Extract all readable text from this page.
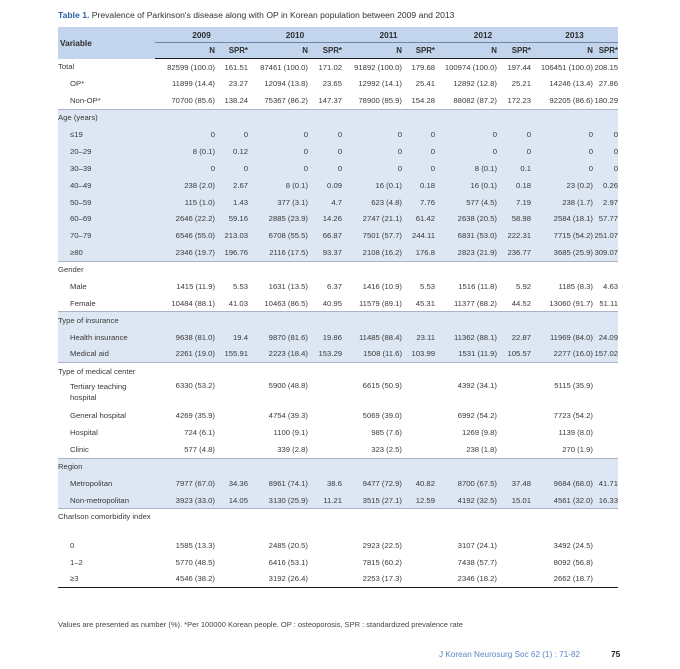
Table 1. Prevalence of Parkinson's disease along with OP in Korean population between 2009 and 2013
Variable	2009		2010		2011		2012		2013	
	N	SPR*	N	SPR*	N	SPR*	N	SPR*	N	SPR*
Total	82599 (100.0)	161.51	87461 (100.0)	171.02	91892 (100.0)	179.68	100974 (100.0)	197.44	106451 (100.0)	208.15
OP*	11899 (14.4)	23.27	12094 (13.8)	23.65	12992 (14.1)	25.41	12892 (12.8)	25.21	14246 (13.4)	27.86
Non-OP*	70700 (85.6)	138.24	75367 (86.2)	147.37	78900 (85.9)	154.28	88082 (87.2)	172.23	92205 (86.6)	180.29
Age (years)										
≤19	0	0	0	0	0	0	0	0	0	0
20–29	8 (0.1)	0.12	0	0	0	0	0	0	0	0
30–39	0	0	0	0	0	0	8 (0.1)	0.1	0	0
40–49	238 (2.0)	2.67	8 (0.1)	0.09	16 (0.1)	0.18	16 (0.1)	0.18	23 (0.2)	0.26
50–59	115 (1.0)	1.43	377 (3.1)	4.7	623 (4.8)	7.76	577 (4.5)	7.19	238 (1.7)	2.97
60–69	2646 (22.2)	59.16	2885 (23.9)	14.26	2747 (21.1)	61.42	2638 (20.5)	58.98	2584 (18.1)	57.77
70–79	6546 (55.0)	213.03	6708 (55.5)	66.87	7501 (57.7)	244.11	6831 (53.0)	222.31	7715 (54.2)	251.07
≥80	2346 (19.7)	196.76	2116 (17.5)	93.37	2108 (16.2)	176.8	2823 (21.9)	236.77	3685 (25.9)	309.07
Gender										
Male	1415 (11.9)	5.53	1631 (13.5)	6.37	1416 (10.9)	5.53	1516 (11.8)	5.92	1185 (8.3)	4.63
Female	10484 (88.1)	41.03	10463 (86.5)	40.95	11579 (89.1)	45.31	11377 (88.2)	44.52	13060 (91.7)	51.11
Type of insurance										
Health insurance	9638 (81.0)	19.4	9870 (81.6)	19.86	11485 (88.4)	23.11	11362 (88.1)	22.87	11969 (84.0)	24.09
Medical aid	2261 (19.0)	155.91	2223 (18.4)	153.29	1508 (11.6)	103.99	1531 (11.9)	105.57	2277 (16.0)	157.02
Type of medical center										
Tertiary teaching hospital	6330 (53.2)		5900 (48.8)		6615 (50.9)		4392 (34.1)		5115 (35.9)	
General hospital	4269 (35.9)		4754 (39.3)		5069 (39.0)		6992 (54.2)		7723 (54.2)	
Hospital	724 (6.1)		1100 (9.1)		985 (7.6)		1269 (9.8)		1139 (8.0)	
Clinic	577 (4.8)		339 (2.8)		323 (2.5)		238 (1.8)		270 (1.9)	
Region										
Metropolitan	7977 (67.0)	34.36	8961 (74.1)	38.6	9477 (72.9)	40.82	8700 (67.5)	37.48	9684 (68.0)	41.71
Non-metropolitan	3923 (33.0)	14.05	3130 (25.9)	11.21	3515 (27.1)	12.59	4192 (32.5)	15.01	4561 (32.0)	16.33
Charlson comorbidity index										
0	1585 (13.3)		2485 (20.5)		2923 (22.5)		3107 (24.1)		3492 (24.5)	
1–2	5770 (48.5)		6416 (53.1)		7815 (60.2)		7438 (57.7)		8092 (56.8)	
≥3	4546 (38.2)		3192 (26.4)		2253 (17.3)		2346 (18.2)		2662 (18.7)	
Values are presented as number (%). *Per 100000 Korean people. OP : osteoporosis, SPR : standardized prevalence rate
J Korean Neurosurg Soc 62 (1) : 71-82	75
